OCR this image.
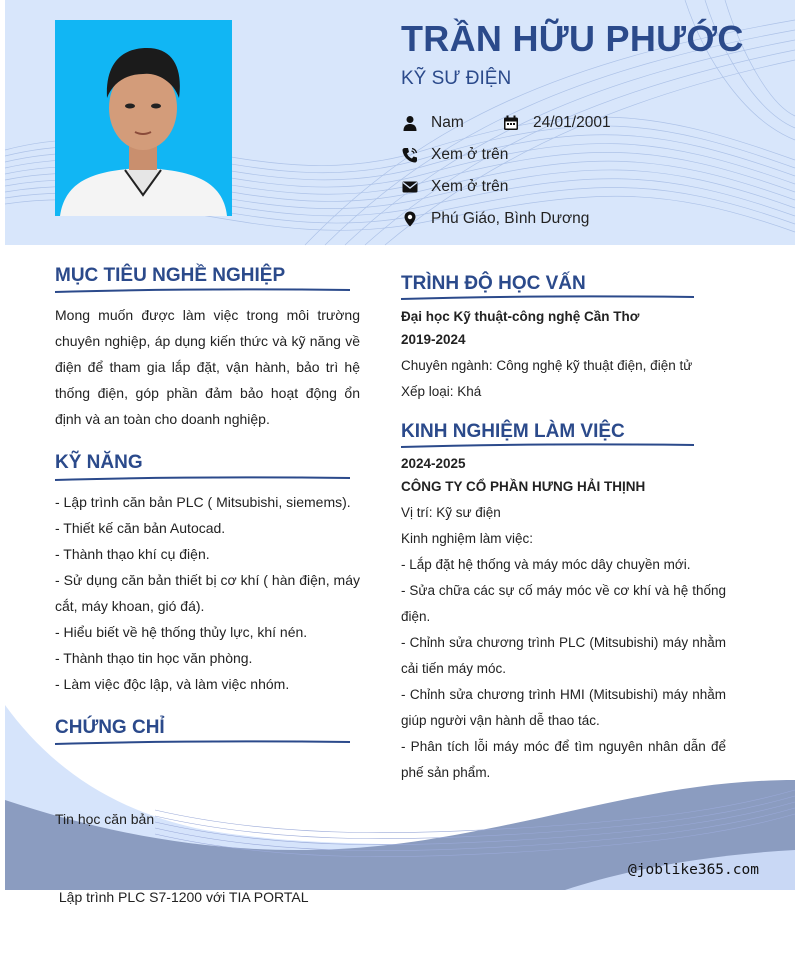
TRẦN HỮU PHƯỚC
KỸ SƯ ĐIỆN
Nam	24/01/2001
Xem ở trên
Xem ở trên
Phú Giáo, Bình Dương
MỤC TIÊU NGHỀ NGHIỆP
Mong muốn được làm việc trong môi trường chuyên nghiệp, áp dụng kiến thức và kỹ năng về điện để tham gia lắp đặt, vận hành, bảo trì hệ thống điện, góp phần đảm bảo hoạt động ổn định và an toàn cho doanh nghiệp.
KỸ NĂNG
- Lập trình căn bản PLC ( Mitsubishi, siemems).
- Thiết kế căn bản Autocad.
- Thành thạo khí cụ điện.
- Sử dụng căn bản thiết bị cơ khí ( hàn điện, máy cắt, máy khoan, gió đá).
- Hiểu biết về hệ thống thủy lực, khí nén.
- Thành thạo tin học văn phòng.
- Làm việc độc lập, và làm việc nhóm.
CHỨNG CHỈ

Tin học căn bản

Lập trình PLC S7-1200 với TIA PORTAL

TRÌNH ĐỘ HỌC VẤN
Đại học Kỹ thuật-công nghệ Cần Thơ
2019-2024
Chuyên ngành: Công nghệ kỹ thuật điện, điện tử
Xếp loại: Khá
KINH NGHIỆM LÀM VIỆC
2024-2025
CÔNG TY CỔ PHẦN HƯNG HẢI THỊNH
Vị trí: Kỹ sư điện
Kinh nghiệm làm việc:
- Lắp đặt hệ thống và máy móc dây chuyền mới.
- Sửa chữa các sự cố máy móc về cơ khí và hệ thống điện.
- Chỉnh sửa chương trình PLC (Mitsubishi) máy nhằm cải tiến máy móc.
- Chỉnh sửa chương trình HMI (Mitsubishi) máy nhằm giúp người vận hành dễ thao tác.
- Phân tích lỗi máy móc để tìm nguyên nhân dẫn để phế sản phẩm.
@joblike365.com
